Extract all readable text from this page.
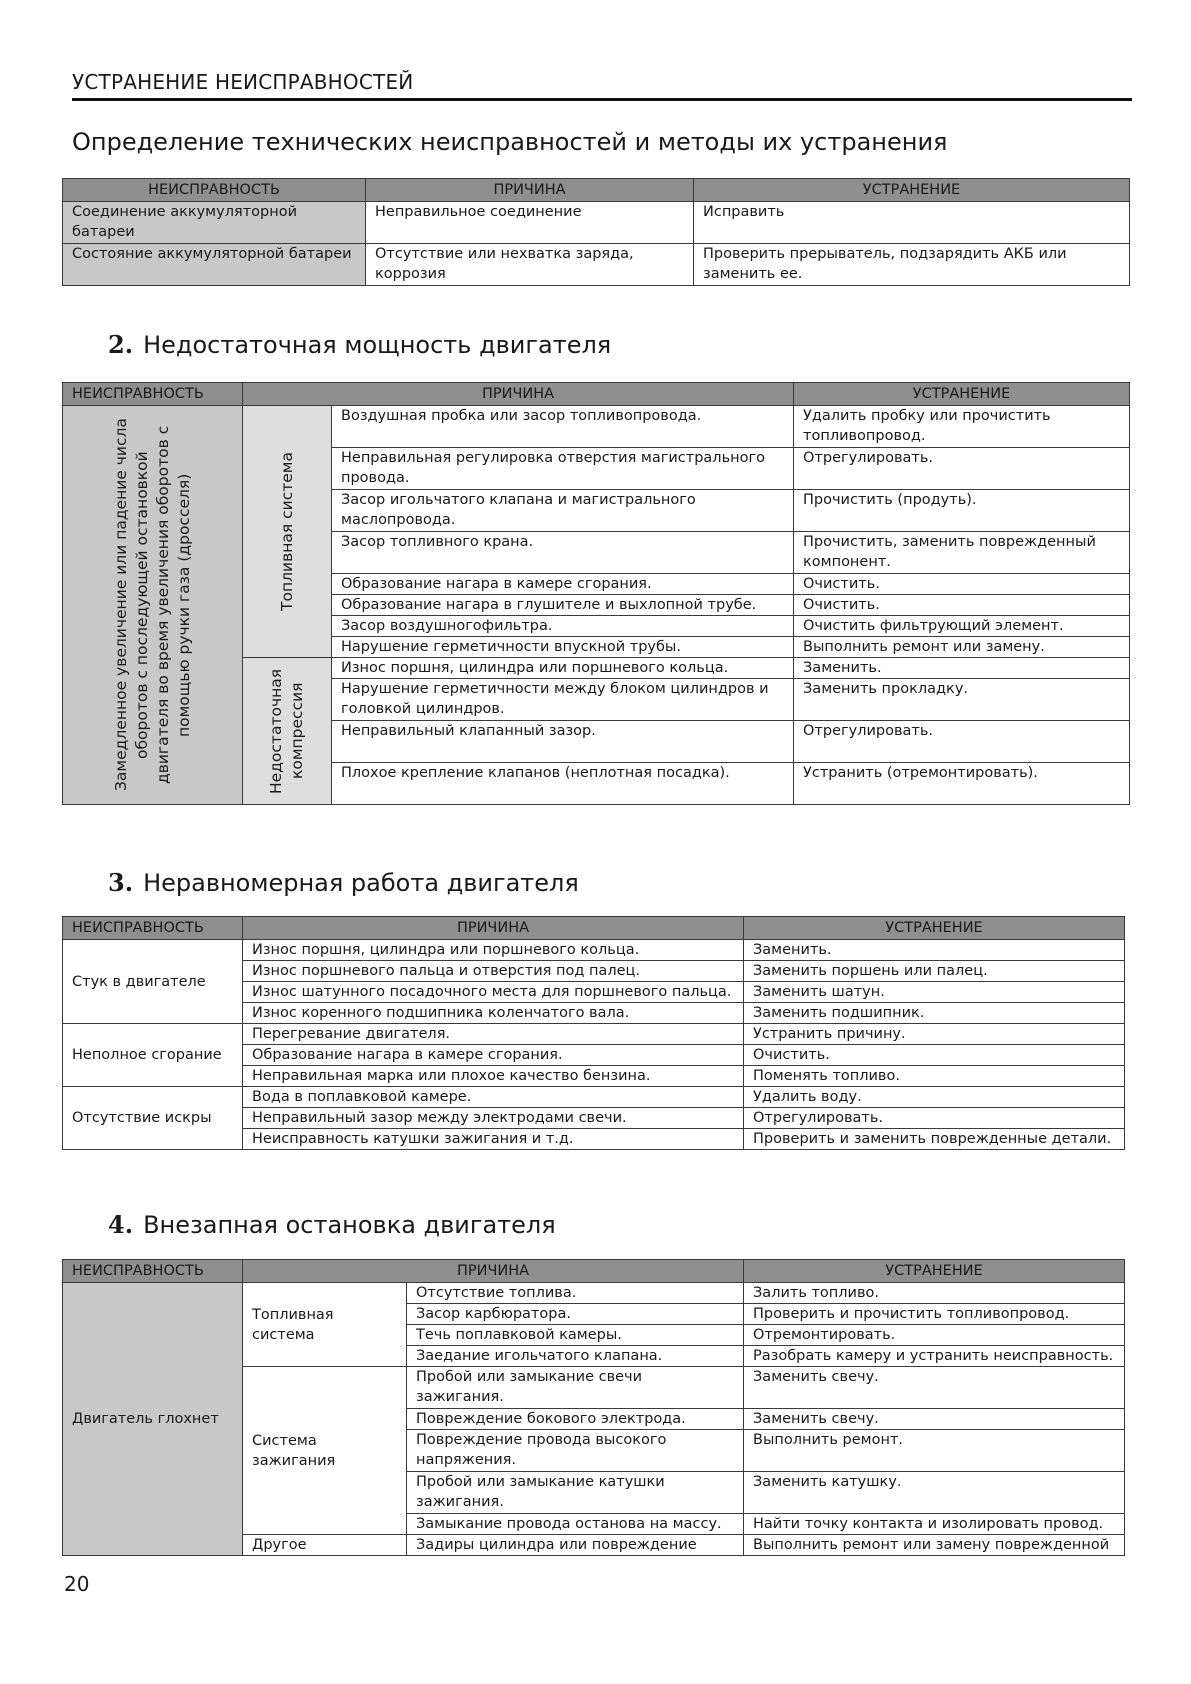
УСТРАНЕНИЕ НЕИСПРАВНОСТЕЙ
Определение технических неисправностей и методы их устранения
НЕИСПРАВНОСТЬ	ПРИЧИНА	УСТРАНЕНИЕ
Соединение аккумуляторной батареи	Неправильное соединение	Исправить
Состояние аккумуляторной батареи	Отсутствие или нехватка заряда, коррозия	Проверить прерыватель, подзарядить АКБ или заменить ее.
2. Недостаточная мощность двигателя
НЕИСПРАВНОСТЬ	ПРИЧИНА		УСТРАНЕНИЕ

Замедленное увеличение или падение числа оборотов с последующей остановкой двигателя во время увеличения оборотов с помощью ручки газа (дросселя)	Топливная система	Воздушная пробка или засор топливопровода.	Удалить пробку или прочистить топливопровод.
		Неправильная регулировка отверстия магистрального провода.	Отрегулировать.
		Засор игольчатого клапана и магистрального маслопровода.	Прочистить (продуть).
		Засор топливного крана.	Прочистить, заменить поврежденный компонент.
		Образование нагара в камере сгорания.	Очистить.
		Образование нагара в глушителе и выхлопной трубе.	Очистить.
		Засор воздушногофильтра.	Очистить фильтрующий элемент.
		Нарушение герметичности впускной трубы.	Выполнить ремонт или замену.

	Недостаточная компрессия	Износ поршня, цилиндра или поршневого кольца.	Заменить.
		Нарушение герметичности между блоком цилиндров и головкой цилиндров.	Заменить прокладку.
		Неправильный клапанный зазор.	Отрегулировать.
		Плохое крепление клапанов (неплотная посадка).	Устранить (отремонтировать).
3. Неравномерная работа двигателя
НЕИСПРАВНОСТЬ	ПРИЧИНА	УСТРАНЕНИЕ
Стук в двигателе	Износ поршня, цилиндра или поршневого кольца.	Заменить.
	Износ поршневого пальца и отверстия под палец.	Заменить поршень или палец.
	Износ шатунного посадочного места для поршневого пальца.	Заменить шатун.
	Износ коренного подшипника коленчатого вала.	Заменить подшипник.
Неполное сгорание	Перегревание двигателя.	Устранить причину.
	Образование нагара в камере сгорания.	Очистить.
	Неправильная марка или плохое качество бензина.	Поменять топливо.
Отсутствие искры	Вода в поплавковой камере.	Удалить воду.
	Неправильный зазор между электродами свечи.	Отрегулировать.
	Неисправность катушки зажигания и т.д.	Проверить и заменить поврежденные детали.
4. Внезапная остановка двигателя
НЕИСПРАВНОСТЬ	ПРИЧИНА		УСТРАНЕНИЕ
Двигатель глохнет	Топливная система	Отсутствие топлива.	Залить топливо.
		Засор карбюратора.	Проверить и прочистить топливопровод.
		Течь поплавковой камеры.	Отремонтировать.
		Заедание игольчатого клапана.	Разобрать камеру и устранить неисправность.
	Система зажигания	Пробой или замыкание свечи зажигания.	Заменить свечу.
		Повреждение бокового электрода.	Заменить свечу.
		Повреждение провода высокого напряжения.	Выполнить ремонт.
		Пробой или замыкание катушки зажигания.	Заменить катушку.
		Замыкание провода останова на массу.	Найти точку контакта и изолировать провод.
	Другое	Задиры цилиндра или повреждение	Выполнить ремонт или замену поврежденной
20
